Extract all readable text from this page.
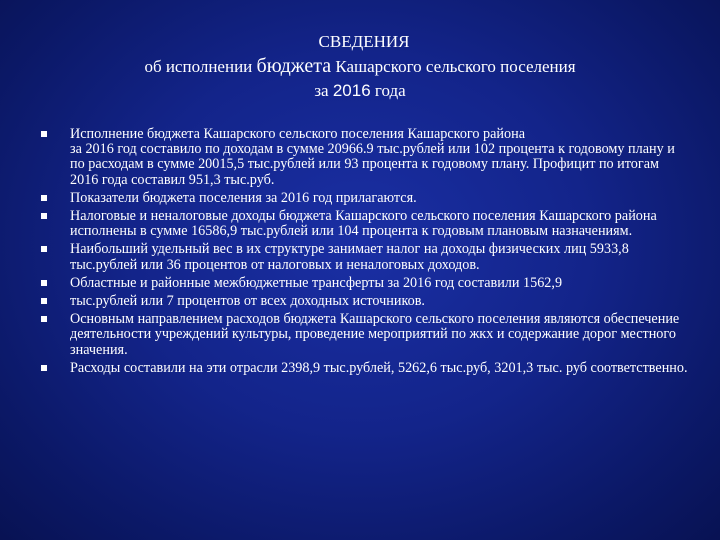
СВЕДЕНИЯ
об исполнении бюджета Кашарского сельского поселения
за 2016 года
Исполнение бюджета Кашарского сельского поселения Кашарского района
за 2016 год составило по доходам в сумме 20966.9 тыс.рублей или 102 процента к годовому плану и по расходам в сумме 20015,5 тыс.рублей или 93 процента к годовому плану. Профицит по итогам 2016 года составил 951,3 тыс.руб.
Показатели бюджета поселения за 2016 год прилагаются.
Налоговые и неналоговые доходы бюджета Кашарского сельского поселения Кашарского района исполнены в сумме 16586,9 тыс.рублей или 104 процента к годовым плановым назначениям.
Наибольший удельный вес в их структуре занимает налог на доходы физических лиц 5933,8 тыс.рублей или 36 процентов от налоговых и неналоговых доходов.
Областные и районные межбюджетные трансферты за 2016 год составили 1562,9
тыс.рублей или 7 процентов от всех доходных источников.
Основным направлением расходов бюджета Кашарского сельского поселения являются обеспечение деятельности учреждений культуры, проведение мероприятий по жкх и содержание дорог местного значения.
Расходы составили на эти отрасли 2398,9 тыс.рублей, 5262,6 тыс.руб, 3201,3 тыс. руб соответственно.
